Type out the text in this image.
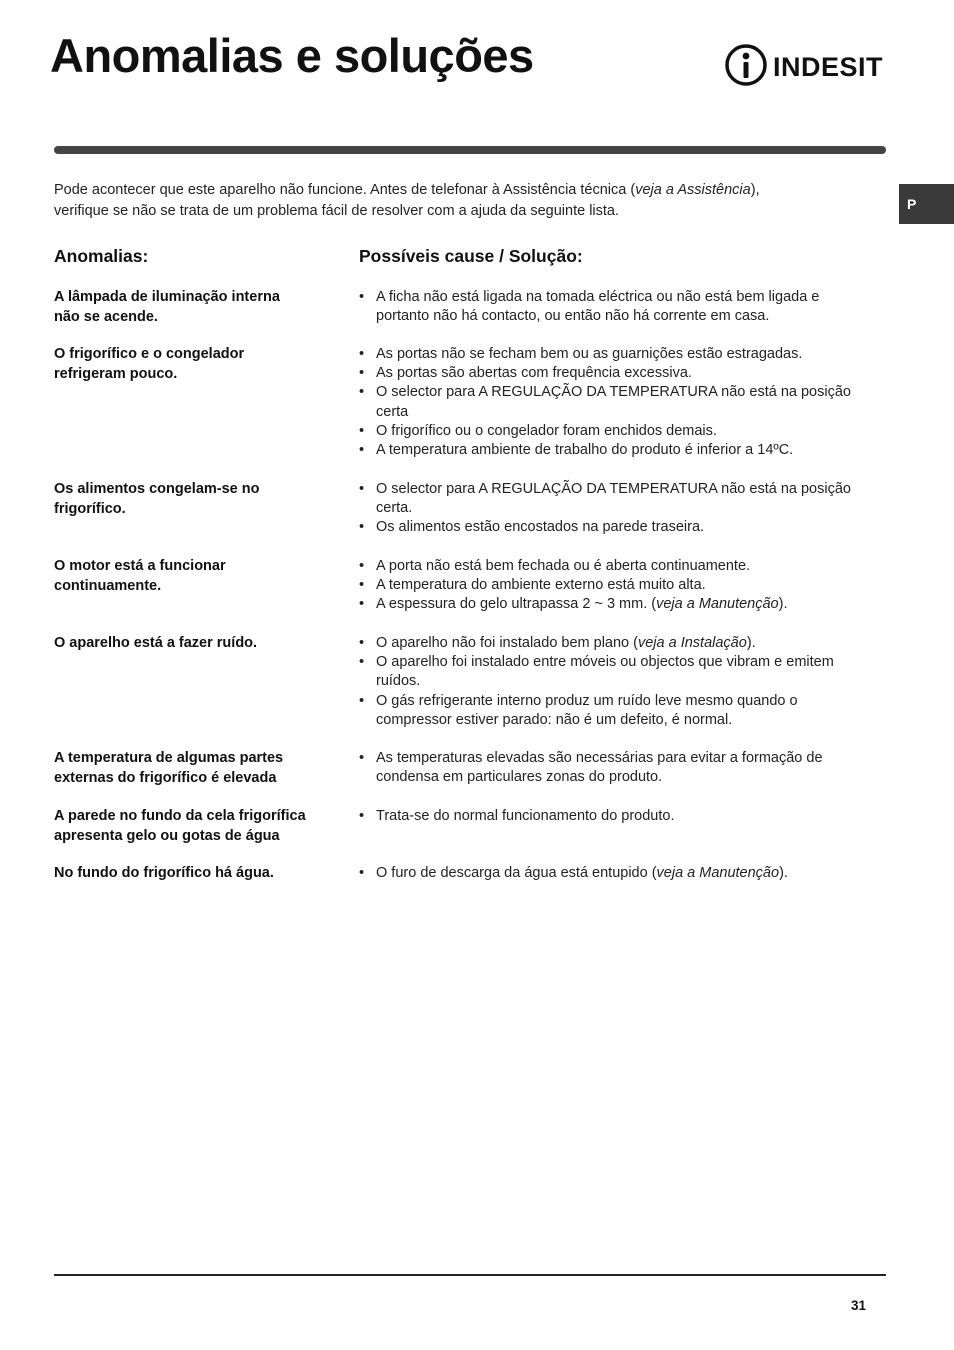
Anomalias e soluções	INDESIT
P

Pode acontecer que este aparelho não funcione. Antes de telefonar à Assistência técnica (veja a Assistência),
verifique se não se trata de um problema fácil de resolver com a ajuda da seguinte lista.

Anomalias:	Possíveis cause / Solução:
A lâmpada de iluminação interna
não se acende.
• A ficha não está ligada na tomada eléctrica ou não está bem ligada e portanto não há contacto, ou então não há corrente em casa.
O frigorífico e o congelador
refrigeram pouco.
• As portas não se fecham bem ou as guarnições estão estragadas.
• As portas são abertas com frequência excessiva.
• O selector para A REGULAÇÃO DA TEMPERATURA não está na posição certa
• O frigorífico ou o congelador foram enchidos demais.
• A temperatura ambiente de trabalho do produto é inferior a 14ºC.
Os alimentos congelam-se no
frigorífico.
• O selector para A REGULAÇÃO DA TEMPERATURA não está na posição certa.
• Os alimentos estão encostados na parede traseira.
O motor está a funcionar
continuamente.
• A porta não está bem fechada ou é aberta continuamente.
• A temperatura do ambiente externo está muito alta.
• A espessura do gelo ultrapassa 2 ~ 3 mm. (veja a Manutenção).
O aparelho está a fazer ruído.	• O aparelho não foi instalado bem plano (veja a Instalação).
• O aparelho foi instalado entre móveis ou objectos que vibram e emitem ruídos.
• O gás refrigerante interno produz um ruído leve mesmo quando o compressor estiver parado: não é um defeito, é normal.
A temperatura de algumas partes
externas do frigorífico é elevada
• As temperaturas elevadas são necessárias para evitar a formação de condensa em particulares zonas do produto.
A parede no fundo da cela frigorífica
apresenta gelo ou gotas de água
• Trata-se do normal funcionamento do produto.
No fundo do frigorífico há água.	• O furo de descarga da água está entupido (veja a Manutenção).
31
